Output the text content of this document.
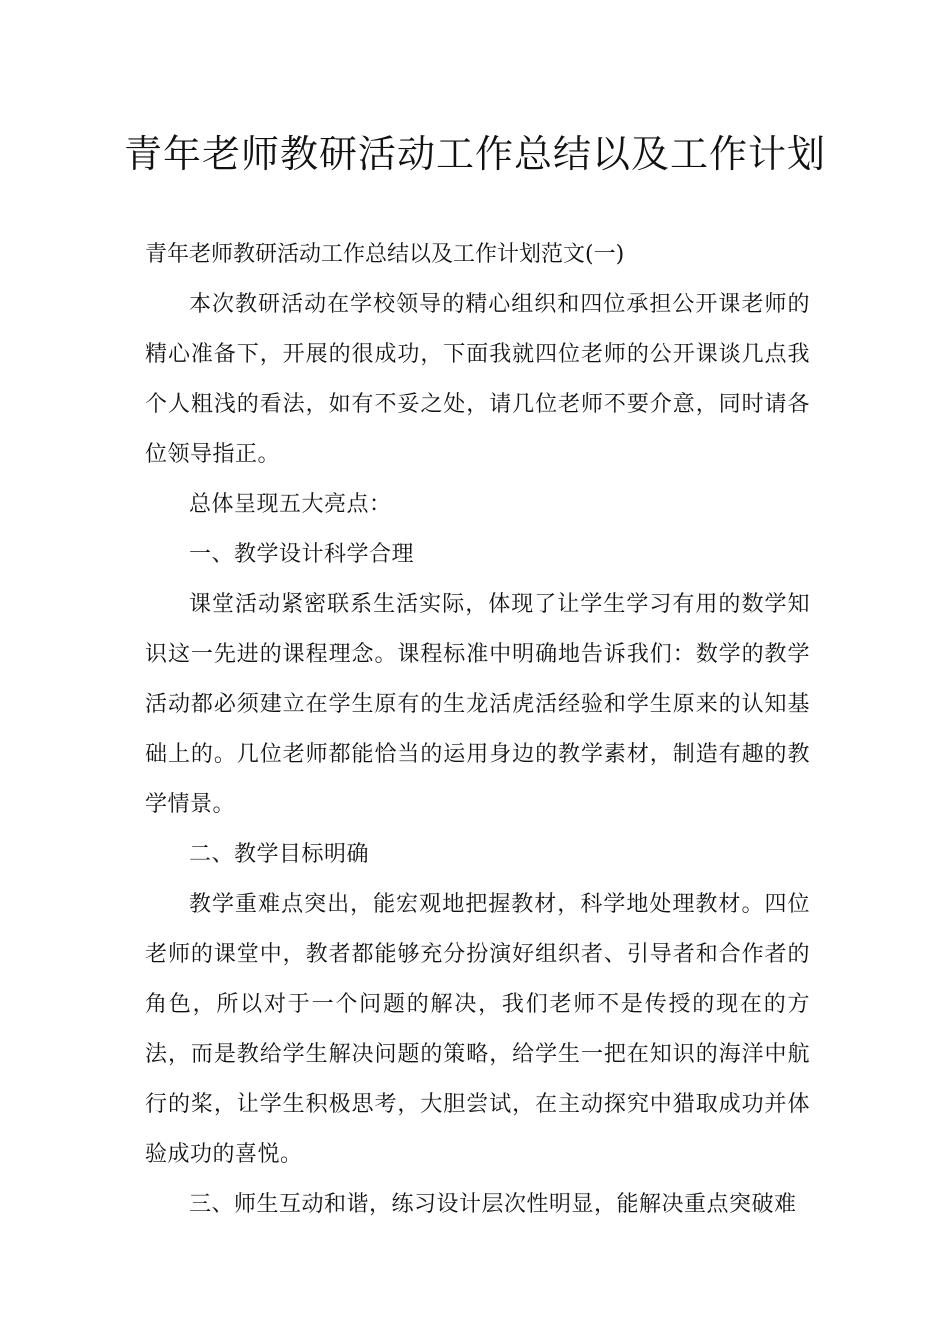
青年老师教研活动工作总结以及工作计划

青年老师教研活动工作总结以及工作计划范文(一)

本次教研活动在学校领导的精心组织和四位承担公开课老师的精心准备下，开展的很成功，下面我就四位老师的公开课谈几点我个人粗浅的看法，如有不妥之处，请几位老师不要介意，同时请各位领导指正。

总体呈现五大亮点：

一、教学设计科学合理

课堂活动紧密联系生活实际，体现了让学生学习有用的数学知识这一先进的课程理念。课程标准中明确地告诉我们：数学的教学活动都必须建立在学生原有的生龙活虎活经验和学生原来的认知基础上的。几位老师都能恰当的运用身边的教学素材，制造有趣的教学情景。

二、教学目标明确

教学重难点突出，能宏观地把握教材，科学地处理教材。四位老师的课堂中，教者都能够充分扮演好组织者、引导者和合作者的角色，所以对于一个问题的解决，我们老师不是传授的现在的方法，而是教给学生解决问题的策略，给学生一把在知识的海洋中航行的桨，让学生积极思考，大胆尝试，在主动探究中猎取成功并体验成功的喜悦。

三、师生互动和谐，练习设计层次性明显，能解决重点突破难
